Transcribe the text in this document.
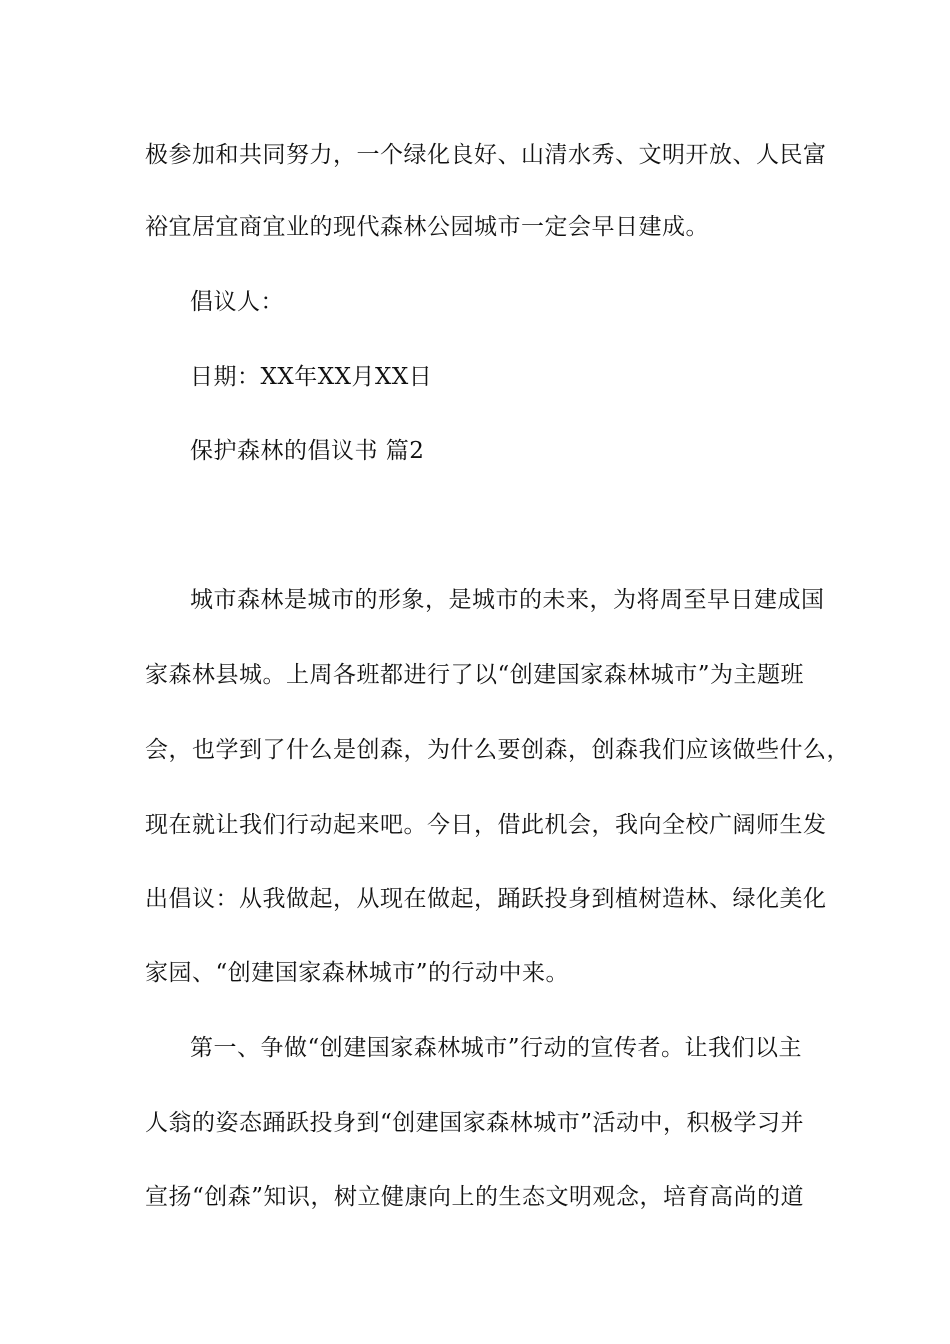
极参加和共同努力，一个绿化良好、山清水秀、文明开放、人民富
裕宜居宜商宜业的现代森林公园城市一定会早日建成。
倡议人：
日期：XX年XX月XX日
保护森林的倡议书 篇2
城市森林是城市的形象，是城市的未来，为将周至早日建成国
家森林县城。上周各班都进行了以“创建国家森林城市”为主题班
会，也学到了什么是创森，为什么要创森，创森我们应该做些什么，
现在就让我们行动起来吧。今日，借此机会，我向全校广阔师生发
出倡议：从我做起，从现在做起，踊跃投身到植树造林、绿化美化
家园、“创建国家森林城市”的行动中来。
第一、争做“创建国家森林城市”行动的宣传者。让我们以主
人翁的姿态踊跃投身到“创建国家森林城市”活动中，积极学习并
宣扬“创森”知识，树立健康向上的生态文明观念，培育高尚的道
